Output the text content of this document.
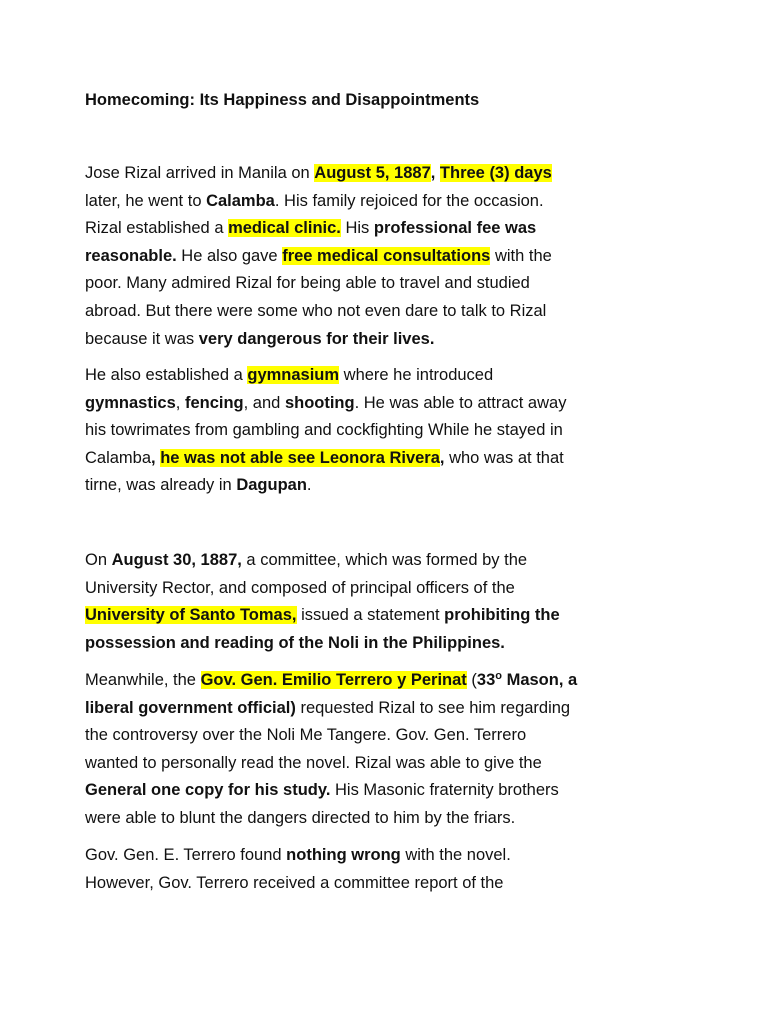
Homecoming: Its Happiness and Disappointments
Jose Rizal arrived in Manila on August 5, 1887, Three (3) days
later, he went to Calamba. His family rejoiced for the occasion.
Rizal established a medical clinic. His professional fee was
reasonable. He also gave free medical consultations with the
poor. Many admired Rizal for being able to travel and studied
abroad. But there were some who not even dare to talk to Rizal
because it was very dangerous for their lives.
He also established a gymnasium where he introduced
gymnastics, fencing, and shooting. He was able to attract away
his towrimates from gambling and cockfighting While he stayed in
Calamba, he was not able see Leonora Rivera, who was at that
tirne, was already in Dagupan.
On August 30, 1887, a committee, which was formed by the
University Rector, and composed of principal officers of the
University of Santo Tomas, issued a statement prohibiting the
possession and reading of the Noli in the Philippines.
Meanwhile, the Gov. Gen. Emilio Terrero y Perinat (33$^o$ Mason, a
liberal government official) requested Rizal to see him regarding
the controversy over the Noli Me Tangere. Gov. Gen. Terrero
wanted to personally read the novel. Rizal was able to give the
General one copy for his study. His Masonic fraternity brothers
were able to blunt the dangers directed to him by the friars.
Gov. Gen. E. Terrero found nothing wrong with the novel.
However, Gov. Terrero received a committee report of the
